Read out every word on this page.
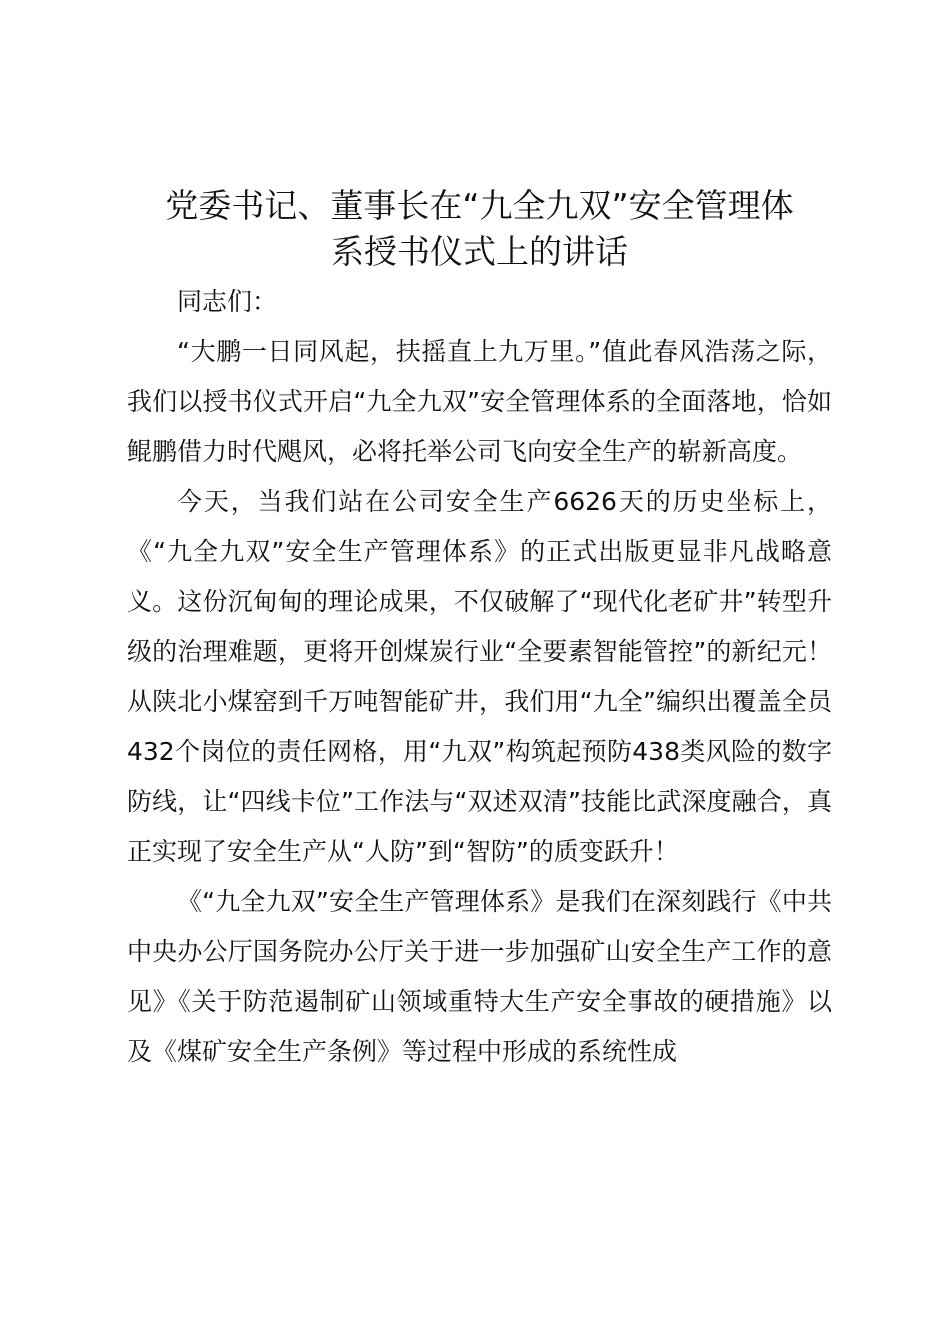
党委书记、董事长在“九全九双”安全管理体
系授书仪式上的讲话

同志们：

“大鹏一日同风起，扶摇直上九万里。”值此春风浩荡之际，我们以授书仪式开启“九全九双”安全管理体系的全面落地，恰如鲲鹏借力时代飓风，必将托举公司飞向安全生产的崭新高度。

今天，当我们站在公司安全生产6626天的历史坐标上，《“九全九双”安全生产管理体系》的正式出版更显非凡战略意义。这份沉甸甸的理论成果，不仅破解了“现代化老矿井”转型升级的治理难题，更将开创煤炭行业“全要素智能管控”的新纪元！从陕北小煤窑到千万吨智能矿井，我们用“九全”编织出覆盖全员432个岗位的责任网格，用“九双”构筑起预防438类风险的数字防线，让“四线卡位”工作法与“双述双清”技能比武深度融合，真正实现了安全生产从“人防”到“智防”的质变跃升！

《“九全九双”安全生产管理体系》是我们在深刻践行《中共中央办公厅国务院办公厅关于进一步加强矿山安全生产工作的意见》《关于防范遏制矿山领域重特大生产安全事故的硬措施》以及《煤矿安全生产条例》等过程中形成的系统性成
